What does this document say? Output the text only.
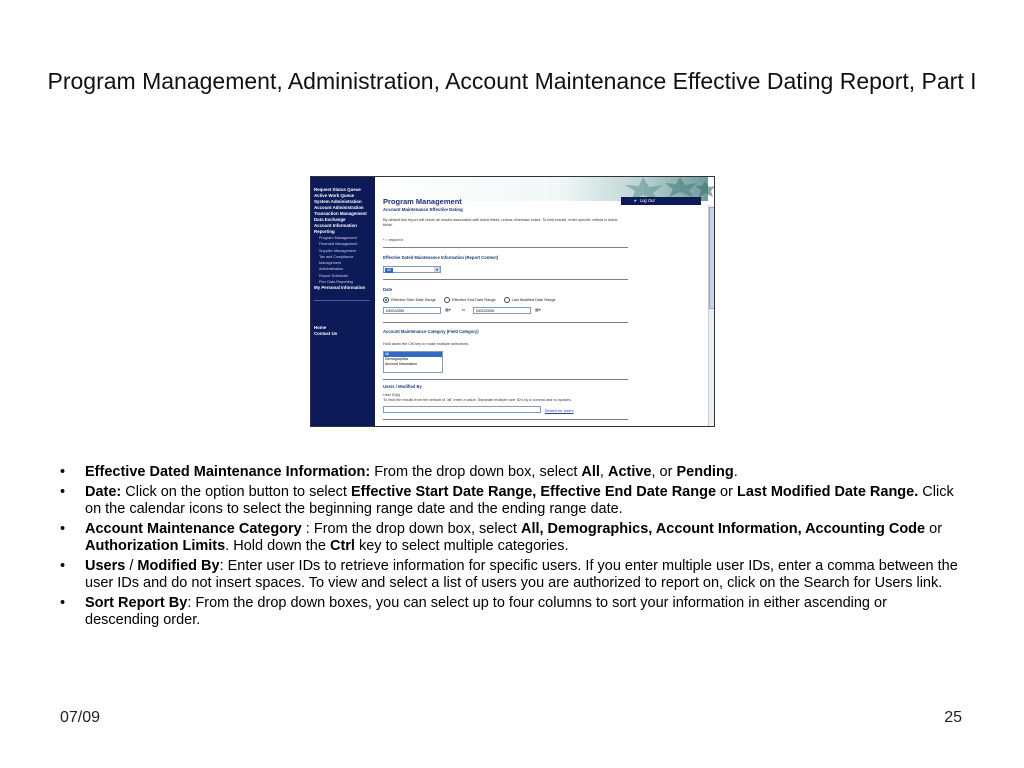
Program Management, Administration, Account Maintenance Effective Dating Report, Part I
Request Status Queue
Active Work Queue
System Administration
Account Administration
Transaction Management
Data Exchange
Account Information
Reporting
Program Management
Financial Management
Supplier Management
Tax and Compliance
Management
Administration
Report Scheduler
Flex Data Reporting
My Personal Information
Home
Contact Us
★ Log Out
Program Management
Account Maintenance Effective Dating
By default this report will return all results associated with blank fields, unless otherwise noted. To limit results, enter specific criteria in blank fields.
* = required
Effective Dated Maintenance Information (Report Context)
All	▾
Date
Effective Start Date Range	Effective End Date Range	Last Modified Date Range
03/01/2009	▦▾	to	03/31/2009	▦▾
Account Maintenance Category (Field Category)
Hold down the Ctrl key to make multiple selections.
All
Demographics
Account Information
Users / Modified By
User ID(s)
To limit the results from the default of "all" enter a value. Separate multiple user ID's by a comma and no spaces.
Search for Users
• Effective Dated Maintenance Information: From the drop down box, select All, Active, or Pending.
• Date: Click on the option button to select Effective Start Date Range, Effective End Date Range or Last Modified Date Range. Click on the calendar icons to select the beginning range date and the ending range date.
• Account Maintenance Category : From the drop down box, select All, Demographics, Account Information, Accounting Code or Authorization Limits. Hold down the Ctrl key to select multiple categories.
• Users / Modified By: Enter user IDs to retrieve information for specific users. If you enter multiple user IDs, enter a comma between the user IDs and do not insert spaces. To view and select a list of users you are authorized to report on, click on the Search for Users link.
• Sort Report By: From the drop down boxes, you can select up to four columns to sort your information in either ascending or descending order.
07/09	25
